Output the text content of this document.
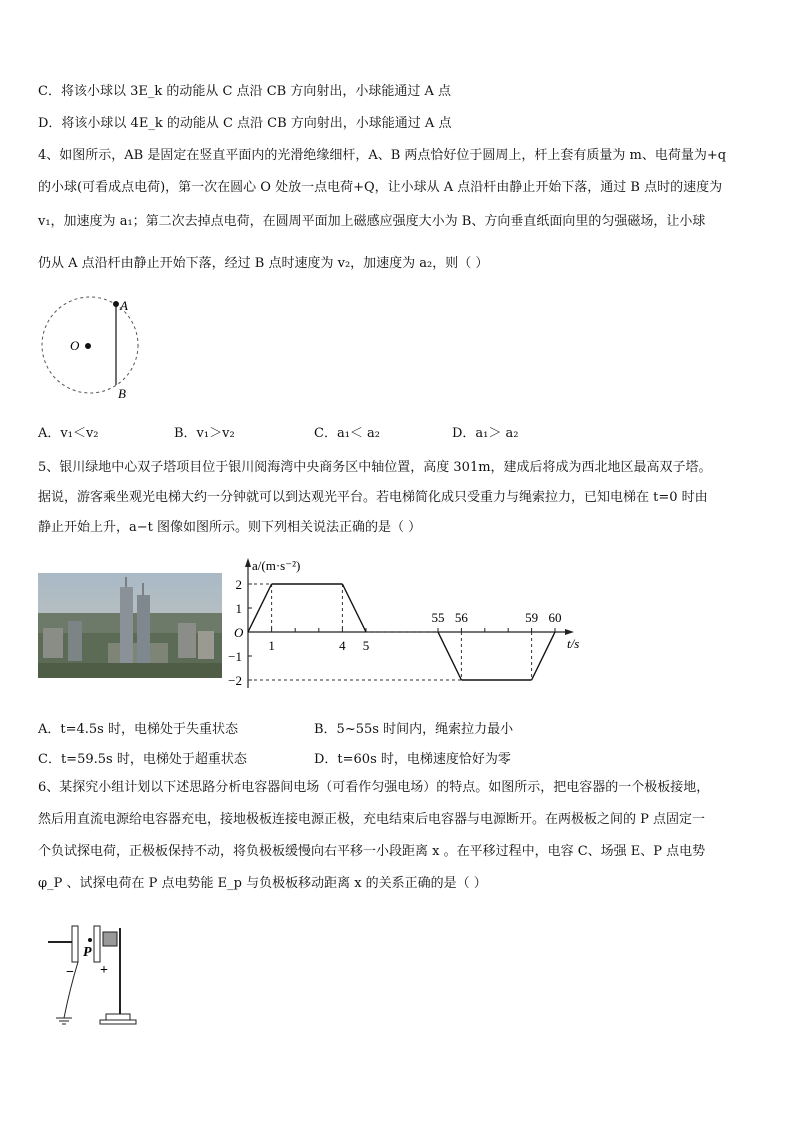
C．将该小球以 3E_k 的动能从 C 点沿 CB 方向射出，小球能通过 A 点
D．将该小球以 4E_k 的动能从 C 点沿 CB 方向射出，小球能通过 A 点
4、如图所示，AB 是固定在竖直平面内的光滑绝缘细杆，A、B 两点恰好位于圆周上，杆上套有质量为 m、电荷量为+q
的小球(可看成点电荷)，第一次在圆心 O 处放一点电荷+Q，让小球从 A 点沿杆由静止开始下落，通过 B 点时的速度为
v₁，加速度为 a₁；第二次去掉点电荷，在圆周平面加上磁感应强度大小为 B、方向垂直纸面向里的匀强磁场，让小球
仍从 A 点沿杆由静止开始下落，经过 B 点时速度为 v₂，加速度为 a₂，则（ ）
O
A
B
A．v₁＜v₂	B．v₁＞v₂	C．a₁＜ a₂	D．a₁＞ a₂
5、银川绿地中心双子塔项目位于银川阅海湾中央商务区中轴位置，高度 301m，建成后将成为西北地区最高双子塔。
据说，游客乘坐观光电梯大约一分钟就可以到达观光平台。若电梯简化成只受重力与绳索拉力，已知电梯在 t=0 时由
静止开始上升，a−t 图像如图所示。则下列相关说法正确的是（ ）
2
1
−1
−2
1	4 5
55 56	59 60
O
a/(m·s⁻²)
t/s
A．t=4.5s 时，电梯处于失重状态	B．5~55s 时间内，绳索拉力最小
C．t=59.5s 时，电梯处于超重状态	D．t=60s 时，电梯速度恰好为零
6、某探究小组计划以下述思路分析电容器间电场（可看作匀强电场）的特点。如图所示，把电容器的一个极板接地，
然后用直流电源给电容器充电，接地极板连接电源正极，充电结束后电容器与电源断开。在两极板之间的 P 点固定一
个负试探电荷，正极板保持不动，将负极板缓慢向右平移一小段距离 x 。在平移过程中，电容 C、场强 E、P 点电势
φ_P 、试探电荷在 P 点电势能 E_p 与负极板移动距离 x 的关系正确的是（ ）
P
− +
